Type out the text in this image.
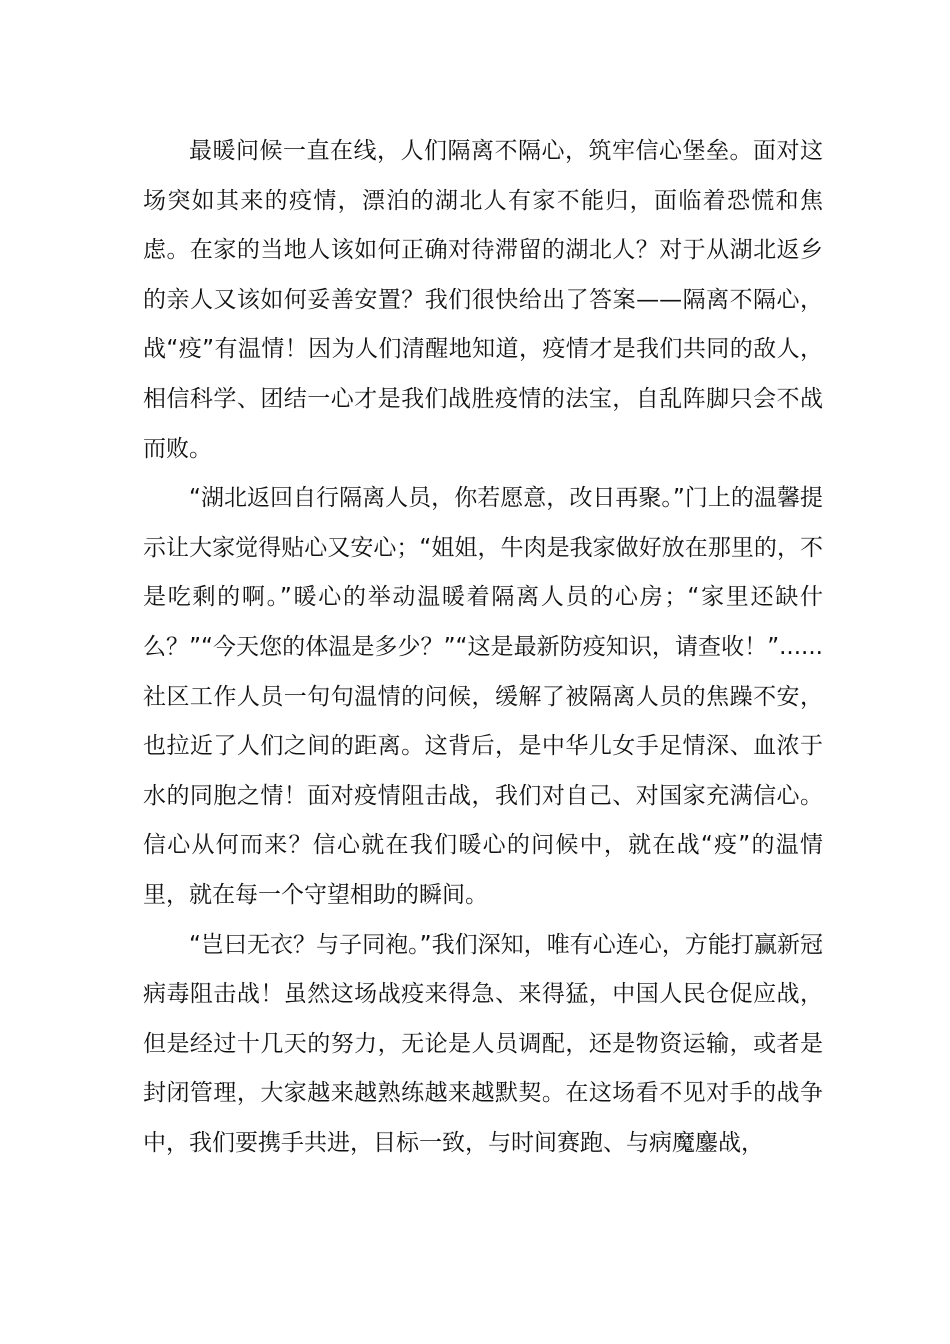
最暖问候一直在线，人们隔离不隔心，筑牢信心堡垒。面对这场突如其来的疫情，漂泊的湖北人有家不能归，面临着恐慌和焦虑。在家的当地人该如何正确对待滞留的湖北人？对于从湖北返乡的亲人又该如何妥善安置？我们很快给出了答案——隔离不隔心，战“疫”有温情！因为人们清醒地知道，疫情才是我们共同的敌人，相信科学、团结一心才是我们战胜疫情的法宝，自乱阵脚只会不战而败。

“湖北返回自行隔离人员，你若愿意，改日再聚。”门上的温馨提示让大家觉得贴心又安心；“姐姐，牛肉是我家做好放在那里的，不是吃剩的啊。”暖心的举动温暖着隔离人员的心房；“家里还缺什么？”“今天您的体温是多少？”“这是最新防疫知识，请查收！”......社区工作人员一句句温情的问候，缓解了被隔离人员的焦躁不安，也拉近了人们之间的距离。这背后，是中华儿女手足情深、血浓于水的同胞之情！面对疫情阻击战，我们对自己、对国家充满信心。信心从何而来？信心就在我们暖心的问候中，就在战“疫”的温情里，就在每一个守望相助的瞬间。

“岂曰无衣？与子同袍。”我们深知，唯有心连心，方能打赢新冠病毒阻击战！虽然这场战疫来得急、来得猛，中国人民仓促应战，但是经过十几天的努力，无论是人员调配，还是物资运输，或者是封闭管理，大家越来越熟练越来越默契。在这场看不见对手的战争中，我们要携手共进，目标一致，与时间赛跑、与病魔鏖战，
